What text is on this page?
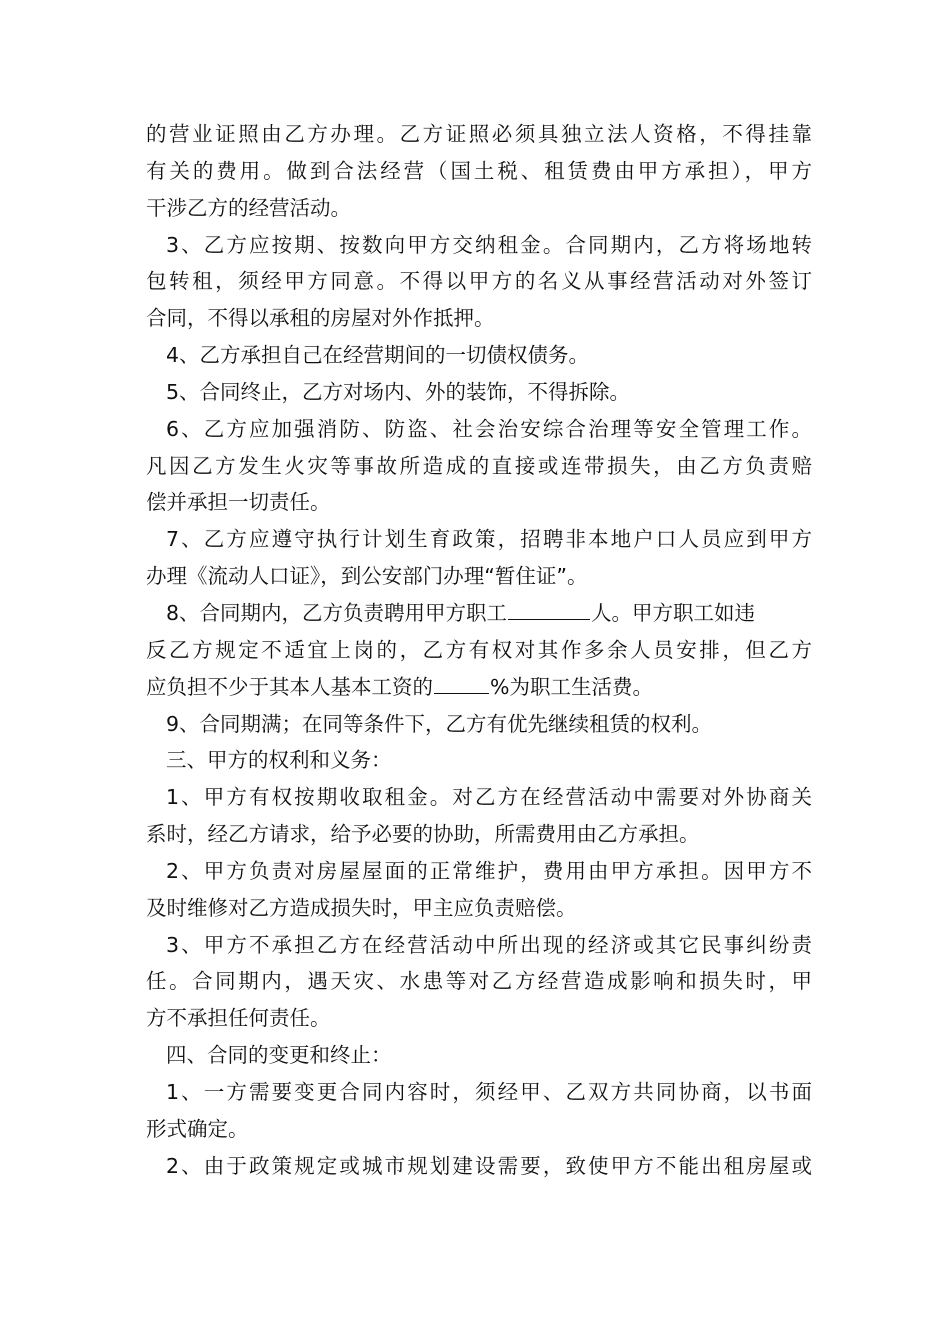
的营业证照由乙方办理。乙方证照必须具独立法人资格，不得挂靠
有关的费用。做到合法经营（国土税、租赁费由甲方承担），甲方
干涉乙方的经营活动。
3、乙方应按期、按数向甲方交纳租金。合同期内，乙方将场地转
包转租，须经甲方同意。不得以甲方的名义从事经营活动对外签订
合同，不得以承租的房屋对外作抵押。
4、乙方承担自己在经营期间的一切债权债务。
5、合同终止，乙方对场内、外的装饰，不得拆除。
6、乙方应加强消防、防盗、社会治安综合治理等安全管理工作。
凡因乙方发生火灾等事故所造成的直接或连带损失，由乙方负责赔
偿并承担一切责任。
7、乙方应遵守执行计划生育政策，招聘非本地户口人员应到甲方
办理《流动人口证》，到公安部门办理“暂住证”。
8、合同期内，乙方负责聘用甲方职工	人。甲方职工如违
反乙方规定不适宜上岗的，乙方有权对其作多余人员安排，但乙方
应负担不少于其本人基本工资的	%为职工生活费。
9、合同期满；在同等条件下，乙方有优先继续租赁的权利。
三、甲方的权利和义务：
1、甲方有权按期收取租金。对乙方在经营活动中需要对外协商关
系时，经乙方请求，给予必要的协助，所需费用由乙方承担。
2、甲方负责对房屋屋面的正常维护，费用由甲方承担。因甲方不
及时维修对乙方造成损失时，甲主应负责赔偿。
3、甲方不承担乙方在经营活动中所出现的经济或其它民事纠纷责
任。合同期内，遇天灾、水患等对乙方经营造成影响和损失时，甲
方不承担任何责任。
四、合同的变更和终止：
1、一方需要变更合同内容时，须经甲、乙双方共同协商，以书面
形式确定。
2、由于政策规定或城市规划建设需要，致使甲方不能出租房屋或
